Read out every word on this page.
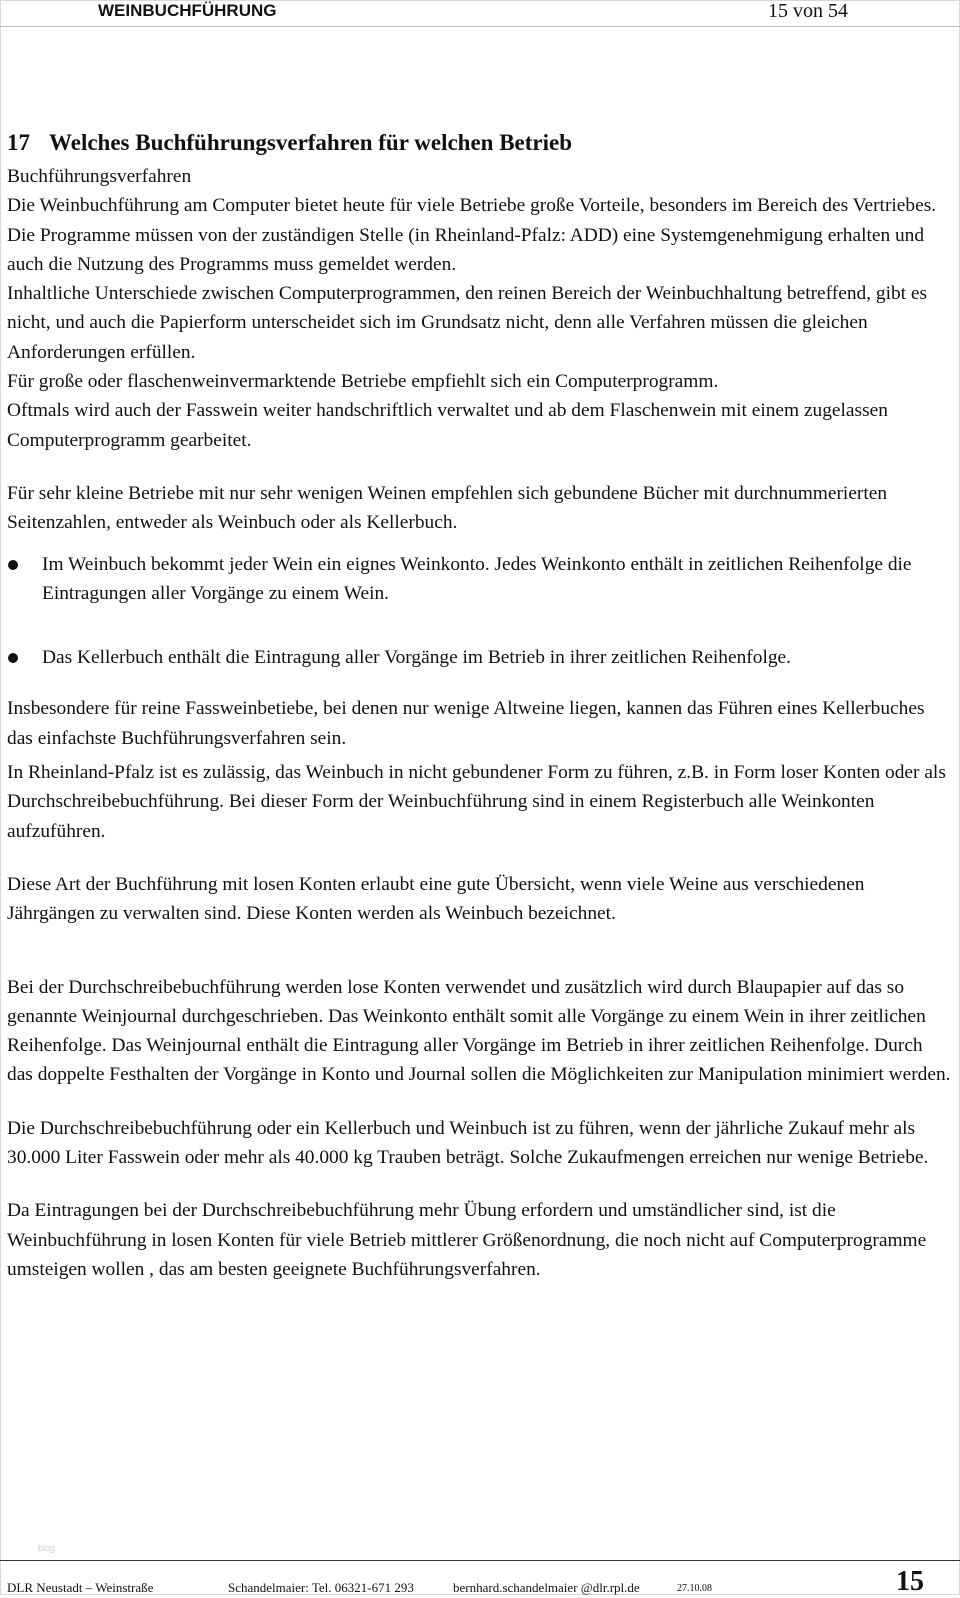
WEINBUCHFÜHRUNG	15 von 54
17 Welches Buchführungsverfahren für welchen Betrieb

Buchführungsverfahren

Die Weinbuchführung am Computer bietet heute für viele Betriebe große Vorteile, besonders im Bereich des Vertriebes. Die Programme müssen von der zuständigen Stelle (in Rheinland-Pfalz: ADD) eine Systemgenehmigung erhalten und auch die Nutzung des Programms muss gemeldet werden.

Inhaltliche Unterschiede zwischen Computerprogrammen, den reinen Bereich der Weinbuchhaltung betreffend, gibt es nicht, und auch die Papierform unterscheidet sich im Grundsatz nicht, denn alle Verfahren müssen die gleichen Anforderungen erfüllen.

Für große oder flaschenweinvermarktende Betriebe empfiehlt sich ein Computerprogramm.

Oftmals wird auch der Fasswein weiter handschriftlich verwaltet und ab dem Flaschenwein mit einem zugelassen Computerprogramm gearbeitet.

Für sehr kleine Betriebe mit nur sehr wenigen Weinen empfehlen sich gebundene Bücher mit durchnummerierten Seitenzahlen, entweder als Weinbuch oder als Kellerbuch.

Im Weinbuch bekommt jeder Wein ein eignes Weinkonto. Jedes Weinkonto enthält in zeitlichen Reihenfolge die Eintragungen aller Vorgänge zu einem Wein.
Das Kellerbuch enthält die Eintragung aller Vorgänge im Betrieb in ihrer zeitlichen Reihenfolge.

Insbesondere für reine Fassweinbetiebe, bei denen nur wenige Altweine liegen, kannen das Führen eines Kellerbuches das einfachste Buchführungsverfahren sein.

In Rheinland-Pfalz ist es zulässig, das Weinbuch in nicht gebundener Form zu führen, z.B. in Form loser Konten oder als Durchschreibebuchführung. Bei dieser Form der Weinbuchführung sind in einem Registerbuch alle Weinkonten aufzuführen.

Diese Art der Buchführung mit losen Konten erlaubt eine gute Übersicht, wenn viele Weine aus verschiedenen Jährgängen zu verwalten sind. Diese Konten werden als Weinbuch bezeichnet.

Bei der Durchschreibebuchführung werden lose Konten verwendet und zusätzlich wird durch Blaupapier auf das so genannte Weinjournal durchgeschrieben. Das Weinkonto enthält somit alle Vorgänge zu einem Wein in ihrer zeitlichen Reihenfolge. Das Weinjournal enthält die Eintragung aller Vorgänge im Betrieb in ihrer zeitlichen Reihenfolge. Durch das doppelte Festhalten der Vorgänge in Konto und Journal sollen die Möglichkeiten zur Manipulation minimiert werden.

Die Durchschreibebuchführung oder ein Kellerbuch und Weinbuch ist zu führen, wenn der jährliche Zukauf mehr als 30.000 Liter Fasswein oder mehr als 40.000 kg Trauben beträgt. Solche Zukaufmengen erreichen nur wenige Betriebe.

Da Eintragungen bei der Durchschreibebuchführung mehr Übung erfordern und umständlicher sind, ist die Weinbuchführung in losen Konten für viele Betrieb mittlerer Größenordnung, die noch nicht auf Computerprogramme umsteigen wollen , das am besten geeignete Buchführungsverfahren.

blog
DLR Neustadt – Weinstraße	Schandelmaier: Tel. 06321-671 293	bernhard.schandelmaier @dlr.rpl.de	27.10.08	15
